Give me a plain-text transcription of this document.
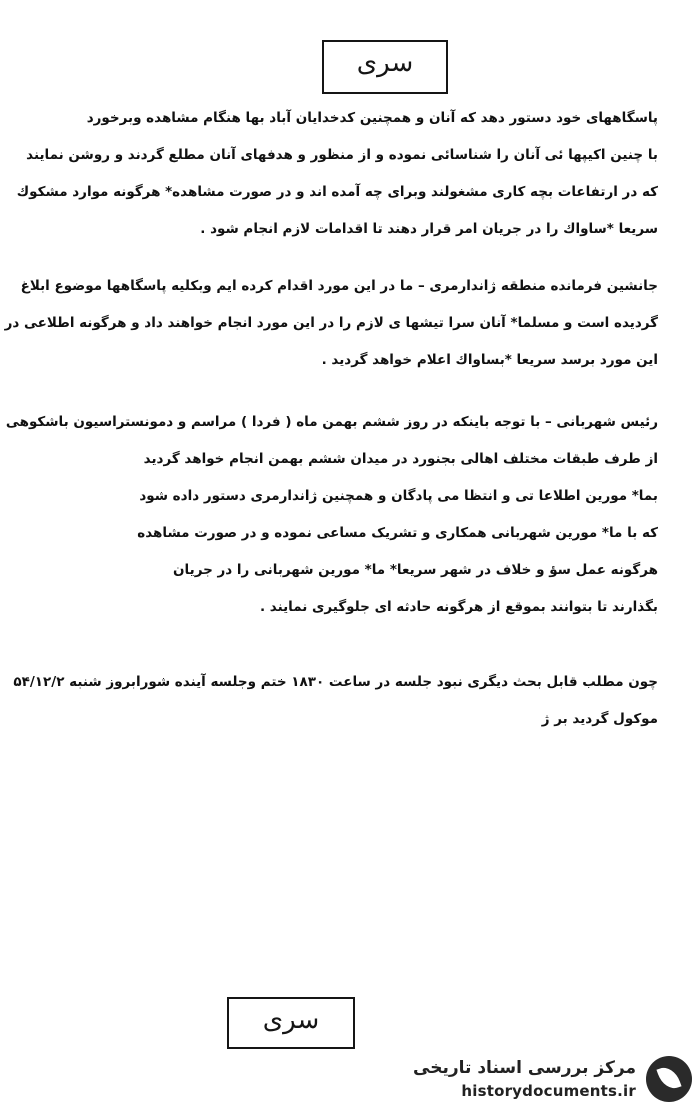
سری
پاسگاههای خود دستور دهد که آنان و همچنین کدخدایان آباد بها هنگام مشاهده وبرخورد
با چنین اکیپها ئی آنان را شناسائی نموده و از منظور و هدفهای آنان مطلع گردند و روشن نمایند
که در ارتفاعات بچه کاری مشغولند وبرای چه آمده اند و در صورت مشاهده* هرگونه موارد مشکوك
سریعا *ساواك را در جریان امر قرار دهند تا اقدامات لازم انجام شود .
جانشین فرمانده منطقه ژاندارمری – ما در این مورد اقدام کرده ایم وبکلیه پاسگاهها موضوع ابلاغ
گردیده است و مسلما* آنان سرا تیشها ی لازم را در این مورد انجام خواهند داد و هرگونه اطلاعی در
این مورد برسد سریعا *بساواك اعلام خواهد گردید .
رئیس شهربانی – با توجه باینکه در روز ششم بهمن ماه ( فردا ) مراسم و دمونستراسیون باشکوهی
از طرف طبقات مختلف اهالی بجنورد در میدان ششم بهمن انجام خواهد گردید
بما* مورین اطلاعا تی و انتظا می پادگان و همچنین ژاندارمری دستور داده شود
که با ما* مورین شهربانی همکاری و تشریک مساعی نموده و در صورت مشاهده
هرگونه عمل سؤ و خلاف در شهر سریعا* ما* مورین شهربانی را در جریان
بگذارند تا بتوانند بموقع از هرگونه حادثه ای جلوگیری نمایند .
چون مطلب قابل بحث دیگری نبود جلسه در ساعت ۱۸۳۰ ختم وجلسه آینده شورابروز شنبه ۵۴/۱۲/۲
موکول گردید بر ژ
سری
مرکز بررسی اسناد تاریخی
historydocuments.ir
